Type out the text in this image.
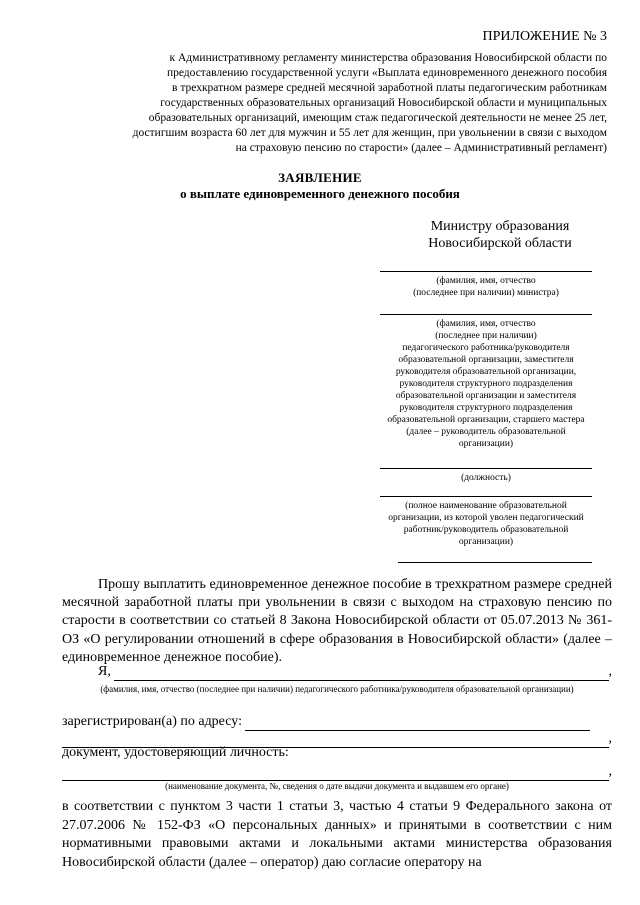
ПРИЛОЖЕНИЕ № 3
к Административному регламенту министерства образования Новосибирской области по
предоставлению государственной услуги «Выплата единовременного денежного пособия
в трехкратном размере средней месячной заработной платы педагогическим работникам
государственных образовательных организаций Новосибирской области и муниципальных
образовательных организаций, имеющим стаж педагогической деятельности не менее 25 лет,
достигшим возраста 60 лет для мужчин и 55 лет для женщин, при увольнении в связи с выходом
на страховую пенсию по старости» (далее – Административный регламент)
ЗАЯВЛЕНИЕ
о выплате единовременного денежного пособия
Министру образования
Новосибирской области
(фамилия, имя, отчество
(последнее при наличии) министра)
(фамилия, имя, отчество
(последнее при наличии)
педагогического работника/руководителя
образовательной организации, заместителя
руководителя образовательной организации,
руководителя структурного подразделения
образовательной организации и заместителя
руководителя структурного подразделения
образовательной организации, старшего мастера
(далее – руководитель образовательной
организации)
(должность)
(полное наименование образовательной
организации, из которой уволен педагогический
работник/руководитель образовательной
организации)
Прошу выплатить единовременное денежное пособие в трехкратном размере средней месячной заработной платы при увольнении в связи с выходом на страховую пенсию по старости в соответствии со статьей 8 Закона Новосибирской области от 05.07.2013 № 361-ОЗ «О регулировании отношений в сфере образования в Новосибирской области» (далее – единовременное денежное пособие).
Я,	,
(фамилия, имя, отчество (последнее при наличии) педагогического работника/руководителя образовательной организации)
зарегистрирован(а) по адресу:
,
документ, удостоверяющий личность:
,
(наименование документа, №, сведения о дате выдачи документа и выдавшем его органе)
в соответствии с пунктом 3 части 1 статьи 3, частью 4 статьи 9 Федерального закона от 27.07.2006 № 152-ФЗ «О персональных данных» и принятыми в соответствии с ним нормативными правовыми актами и локальными актами министерства образования Новосибирской области (далее – оператор) даю согласие оператору на
